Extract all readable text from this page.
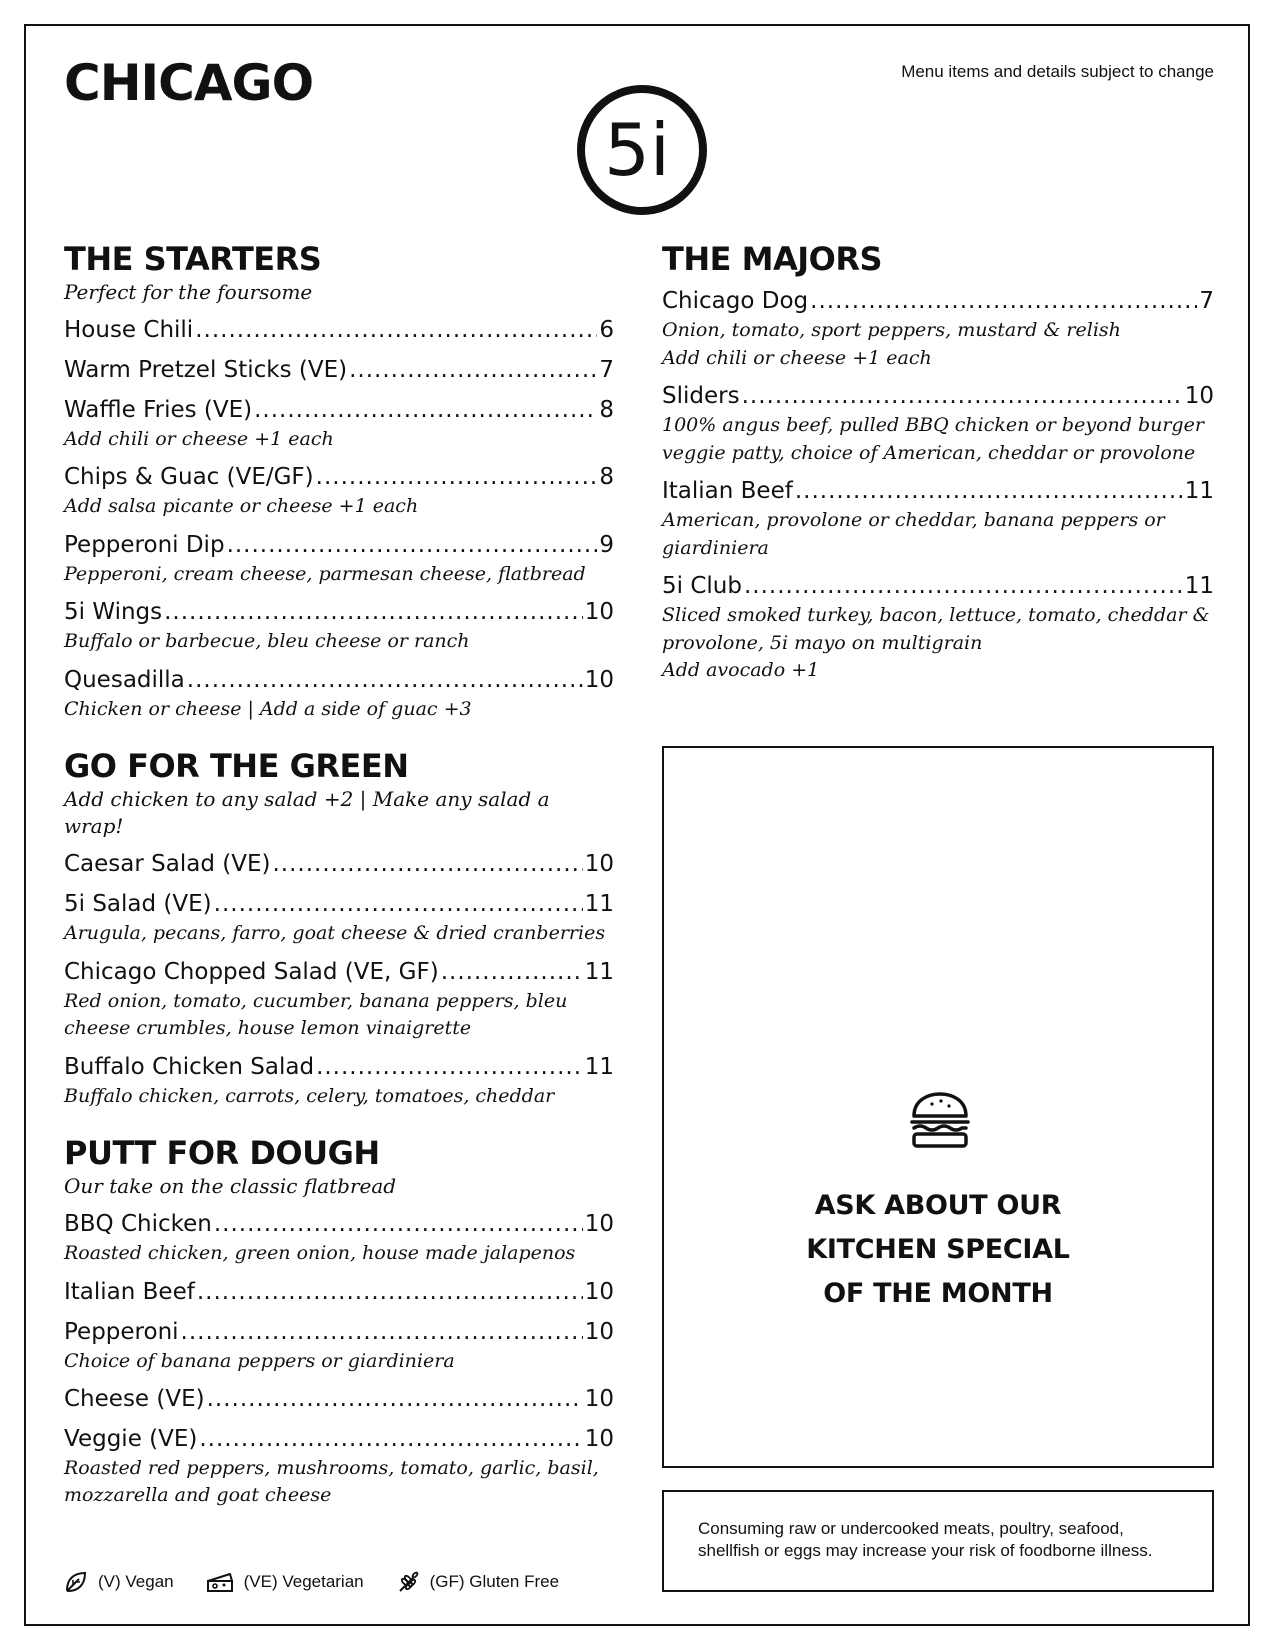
CHICAGO	Menu items and details subject to change
5i
THE STARTERS
Perfect for the foursome
House Chili .....	6
Warm Pretzel Sticks (VE) .....	7
Waffle Fries (VE) .....	8
Add chili or cheese +1 each
Chips & Guac (VE/GF) .....	8
Add salsa picante or cheese +1 each
Pepperoni Dip .....	9
Pepperoni, cream cheese, parmesan cheese, flatbread
5i Wings .....	10
Buffalo or barbecue, bleu cheese or ranch
Quesadilla .....	10
Chicken or cheese | Add a side of guac +3
GO FOR THE GREEN
Add chicken to any salad +2 | Make any salad a wrap!
Caesar Salad (VE) .....	10
5i Salad (VE) .....	11
Arugula, pecans, farro, goat cheese & dried cranberries
Chicago Chopped Salad (VE, GF) .....	11
Red onion, tomato, cucumber, banana peppers, bleu cheese crumbles, house lemon vinaigrette
Buffalo Chicken Salad .....	11
Buffalo chicken, carrots, celery, tomatoes, cheddar
PUTT FOR DOUGH
Our take on the classic flatbread
BBQ Chicken .....	10
Roasted chicken, green onion, house made jalapenos
Italian Beef .....	10
Pepperoni .....	10
Choice of banana peppers or giardiniera
Cheese (VE) .....	10
Veggie (VE) .....	10
Roasted red peppers, mushrooms, tomato, garlic, basil, mozzarella and goat cheese
THE MAJORS
Chicago Dog .....	7
Onion, tomato, sport peppers, mustard & relish
Add chili or cheese +1 each
Sliders .....	10
100% angus beef, pulled BBQ chicken or beyond burger veggie patty, choice of American, cheddar or provolone
Italian Beef .....	11
American, provolone or cheddar, banana peppers or giardiniera
5i Club .....	11
Sliced smoked turkey, bacon, lettuce, tomato, cheddar & provolone, 5i mayo on multigrain
Add avocado +1
ASK ABOUT OUR
KITCHEN SPECIAL
OF THE MONTH
Consuming raw or undercooked meats, poultry, seafood,
shellfish or eggs may increase your risk of foodborne illness.
(V) Vegan	(VE) Vegetarian	(GF) Gluten Free
